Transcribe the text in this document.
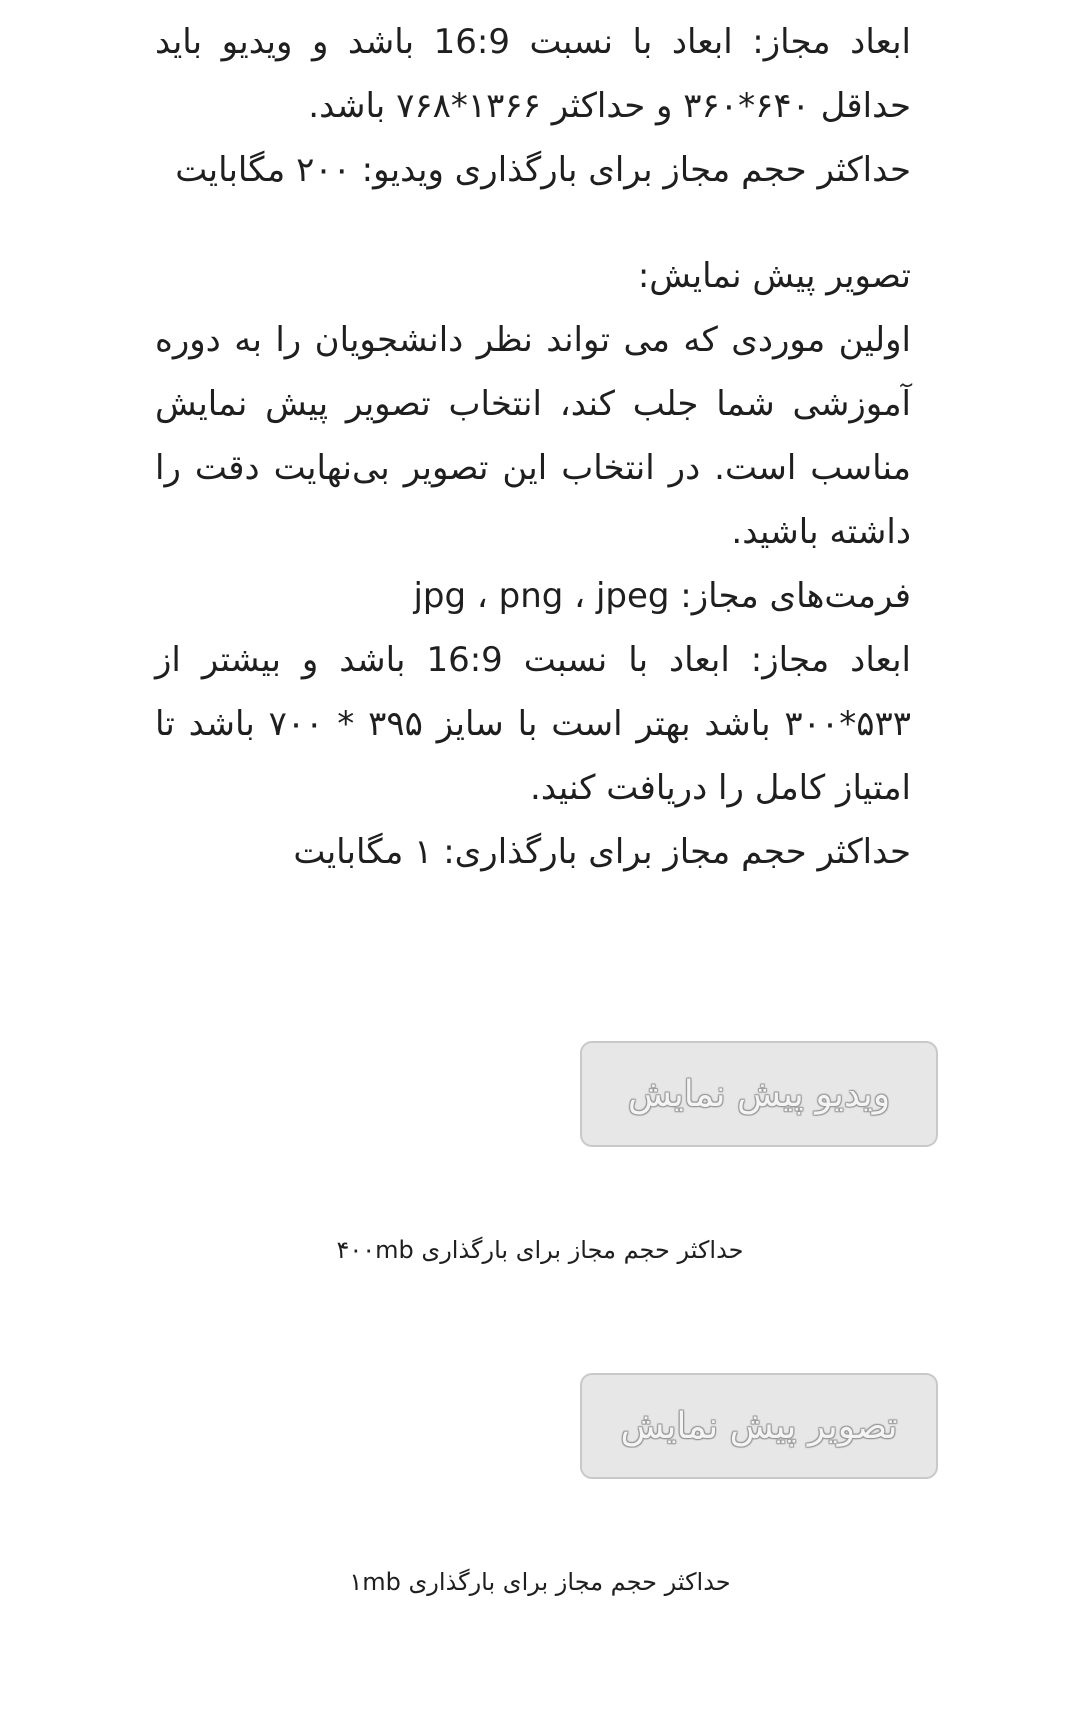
ابعاد مجاز: ابعاد با نسبت 16:9 باشد و ویدیو باید حداقل ۶۴۰*۳۶۰ و حداکثر ۱۳۶۶*۷۶۸ باشد.

حداکثر حجم مجاز برای بارگذاری ویدیو: ۲۰۰ مگابایت

تصویر پیش نمایش:

اولین موردی که می تواند نظر دانشجویان را به دوره آموزشی شما جلب کند، انتخاب تصویر پیش نمایش مناسب است. در انتخاب این تصویر بی‌نهایت دقت را داشته باشید.

فرمت‌های مجاز: jpg ، png ، jpeg

ابعاد مجاز: ابعاد با نسبت 16:9 باشد و بیشتر از ۵۳۳*۳۰۰ باشد بهتر است با سایز ۳۹۵ * ۷۰۰ باشد تا امتیاز کامل را دریافت کنید.

حداکثر حجم مجاز برای بارگذاری: ۱ مگابایت

ویدیو پیش نمایش
حداکثر حجم مجاز برای بارگذاری ۴۰۰mb
تصویر پیش نمایش
حداکثر حجم مجاز برای بارگذاری ۱mb
